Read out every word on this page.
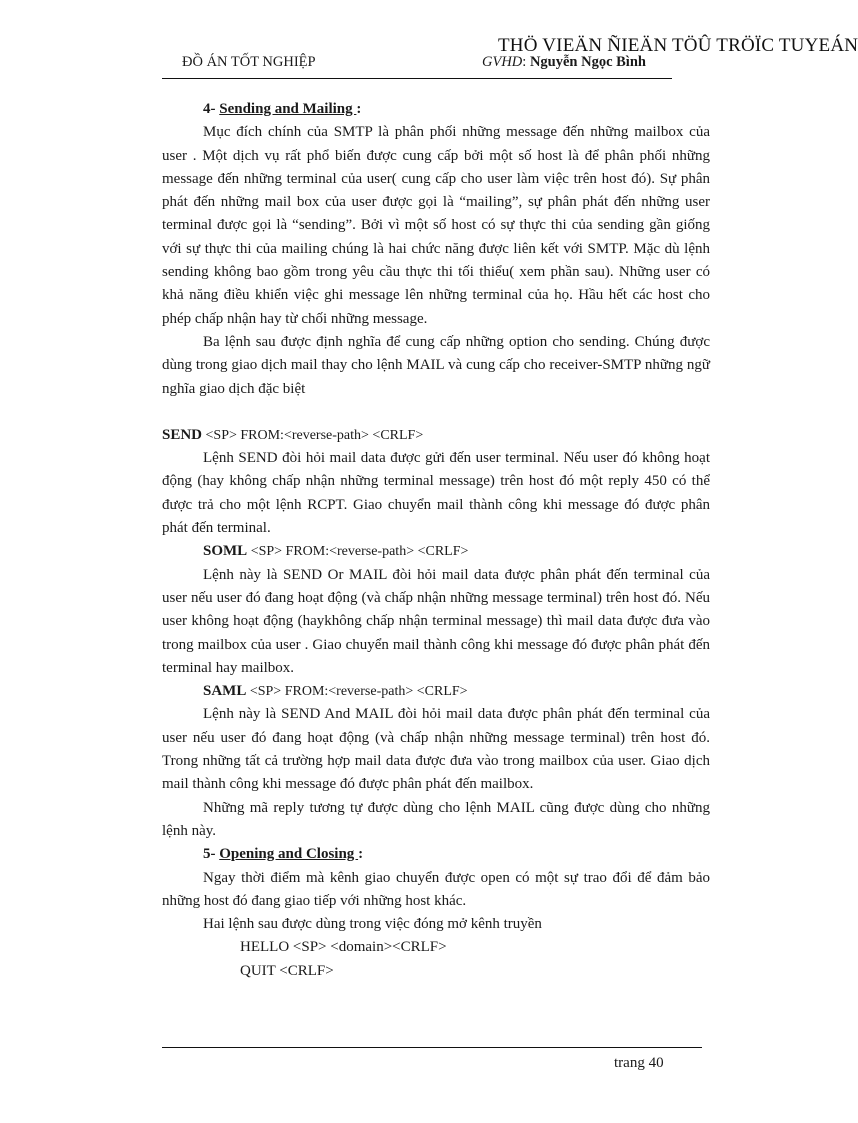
THÖ VIEÄN ÑIEÄN TÖÛ TRÖÏC TUYEÁN
ĐỒ ÁN TỐT NGHIỆP	GVHD: Nguyễn Ngọc Bình

4- Sending and Mailing :

Mục đích chính của SMTP là phân phối những message đến những mailbox của user . Một dịch vụ rất phổ biến được cung cấp bởi một số host là để phân phối những message đến những terminal của user( cung cấp cho user làm việc trên host đó). Sự phân phát đến những mail box của user được gọi là “mailing”, sự phân phát đến những user terminal được gọi là “sending”. Bởi vì một số host có sự thực thi của sending gần giống với sự thực thi của mailing chúng là hai chức năng được liên kết với SMTP. Mặc dù lệnh sending không bao gồm trong yêu cầu thực thi tối thiểu( xem phần sau). Những user có khả năng điều khiển việc ghi message lên những terminal của họ. Hầu hết các host cho phép chấp nhận hay từ chối những message.

Ba lệnh sau được định nghĩa để cung cấp những option cho sending. Chúng được dùng trong giao dịch mail thay cho lệnh MAIL và cung cấp cho receiver-SMTP những ngữ nghĩa giao dịch đặc biệt

SEND <SP> FROM:<reverse-path> <CRLF>

Lệnh SEND đòi hỏi mail data được gửi đến user terminal. Nếu user đó không hoạt động (hay không chấp nhận những terminal message) trên host đó một reply 450 có thể được trả cho một lệnh RCPT. Giao chuyển mail thành công khi message đó được phân phát đến terminal.

SOML <SP> FROM:<reverse-path> <CRLF>

Lệnh này là SEND Or MAIL đòi hỏi mail data được phân phát đến terminal của user nếu user đó đang hoạt động (và chấp nhận những message terminal) trên host đó. Nếu user không hoạt động (haykhông chấp nhận terminal message) thì mail data được đưa vào trong mailbox của user . Giao chuyển mail thành công khi message đó được phân phát đến terminal hay mailbox.

SAML <SP> FROM:<reverse-path> <CRLF>

Lệnh này là SEND And MAIL đòi hỏi mail data được phân phát đến terminal của user nếu user đó đang hoạt động (và chấp nhận những message terminal) trên host đó. Trong những tất cả trường hợp mail data được đưa vào trong mailbox của user. Giao dịch mail thành công khi message đó được phân phát đến mailbox.

Những mã reply tương tự được dùng cho lệnh MAIL cũng được dùng cho những lệnh này.

5- Opening and Closing :

Ngay thời điểm mà kênh giao chuyển được open có một sự trao đổi để đảm bảo những host đó đang giao tiếp với những host khác.

Hai lệnh sau được dùng trong việc đóng mở kênh truyền

HELLO <SP> <domain><CRLF>

QUIT <CRLF>

trang 40
